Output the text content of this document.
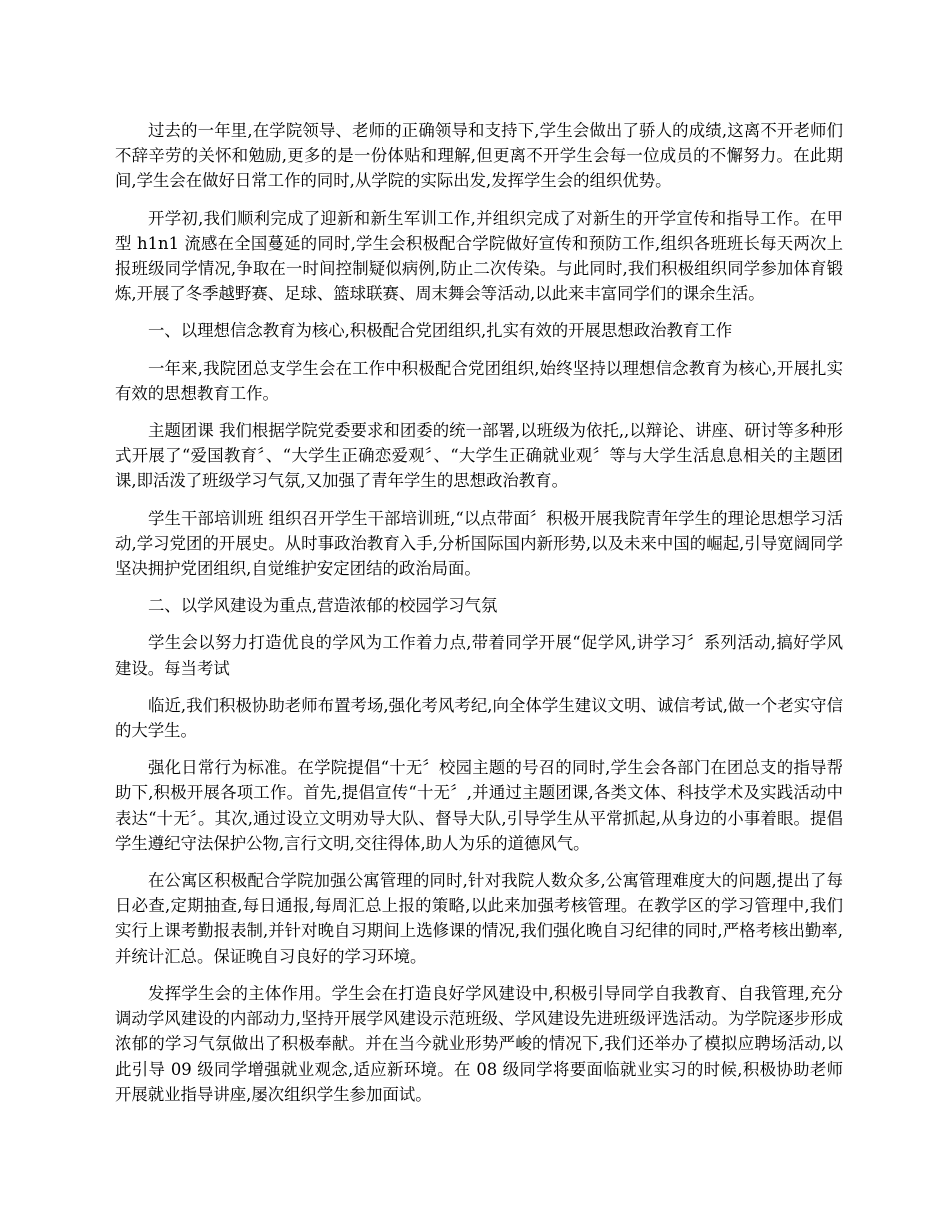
过去的一年里,在学院领导、老师的正确领导和支持下,学生会做出了骄人的成绩,这离不开老师们不辞辛劳的关怀和勉励,更多的是一份体贴和理解,但更离不开学生会每一位成员的不懈努力。在此期间,学生会在做好日常工作的同时,从学院的实际出发,发挥学生会的组织优势。

开学初,我们顺利完成了迎新和新生军训工作,并组织完成了对新生的开学宣传和指导工作。在甲型 h1n1 流感在全国蔓延的同时,学生会积极配合学院做好宣传和预防工作,组织各班班长每天两次上报班级同学情况,争取在一时间控制疑似病例,防止二次传染。与此同时,我们积极组织同学参加体育锻炼,开展了冬季越野赛、足球、篮球联赛、周末舞会等活动,以此来丰富同学们的课余生活。

一、以理想信念教育为核心,积极配合党团组织,扎实有效的开展思想政治教育工作

一年来,我院团总支学生会在工作中积极配合党团组织,始终坚持以理想信念教育为核心,开展扎实有效的思想教育工作。

主题团课 我们根据学院党委要求和团委的统一部署,以班级为依托,,以辩论、讲座、研讨等多种形式开展了“爱国教育〞、“大学生正确恋爱观〞、“大学生正确就业观〞等与大学生活息息相关的主题团课,即活泼了班级学习气氛,又加强了青年学生的思想政治教育。

学生干部培训班 组织召开学生干部培训班,“以点带面〞积极开展我院青年学生的理论思想学习活动,学习党团的开展史。从时事政治教育入手,分析国际国内新形势,以及未来中国的崛起,引导宽阔同学坚决拥护党团组织,自觉维护安定团结的政治局面。

二、以学风建设为重点,营造浓郁的校园学习气氛

学生会以努力打造优良的学风为工作着力点,带着同学开展“促学风,讲学习〞系列活动,搞好学风建设。每当考试

临近,我们积极协助老师布置考场,强化考风考纪,向全体学生建议文明、诚信考试,做一个老实守信的大学生。

强化日常行为标准。在学院提倡“十无〞校园主题的号召的同时,学生会各部门在团总支的指导帮助下,积极开展各项工作。首先,提倡宣传“十无〞,并通过主题团课,各类文体、科技学术及实践活动中表达“十无〞。其次,通过设立文明劝导大队、督导大队,引导学生从平常抓起,从身边的小事着眼。提倡学生遵纪守法保护公物,言行文明,交往得体,助人为乐的道德风气。

在公寓区积极配合学院加强公寓管理的同时,针对我院人数众多,公寓管理难度大的问题,提出了每日必查,定期抽查,每日通报,每周汇总上报的策略,以此来加强考核管理。在教学区的学习管理中,我们实行上课考勤报表制,并针对晚自习期间上选修课的情况,我们强化晚自习纪律的同时,严格考核出勤率,并统计汇总。保证晚自习良好的学习环境。

发挥学生会的主体作用。学生会在打造良好学风建设中,积极引导同学自我教育、自我管理,充分调动学风建设的内部动力,坚持开展学风建设示范班级、学风建设先进班级评选活动。为学院逐步形成浓郁的学习气氛做出了积极奉献。并在当今就业形势严峻的情况下,我们还举办了模拟应聘场活动,以此引导 09 级同学增强就业观念,适应新环境。在 08 级同学将要面临就业实习的时候,积极协助老师开展就业指导讲座,屡次组织学生参加面试。
